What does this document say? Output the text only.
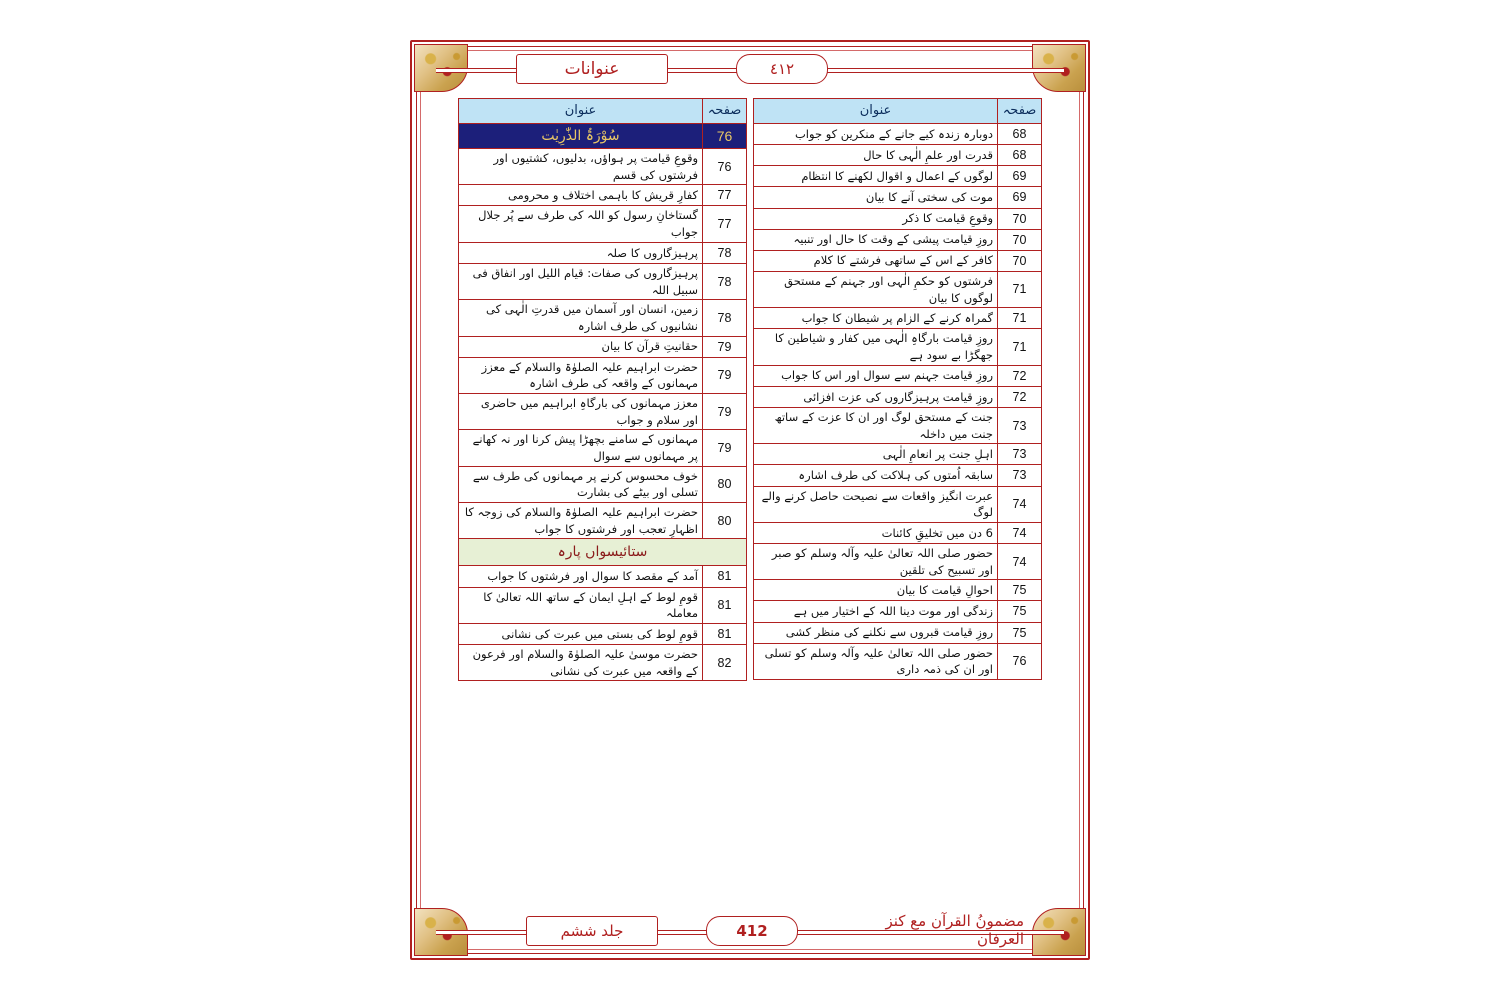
عنوانات	٤١٢
صفحہ	عنوان
76	سُوْرَۃُ الذّٰرِیٰت
76	وقوعِ قیامت پر ہواؤں، بدلیوں، کشتیوں اور فرشتوں کی قسم
77	کفارِ قریش کا باہمی اختلاف و محرومی
77	گستاخانِ رسول کو اللہ کی طرف سے پُر جلال جواب
78	پرہیزگاروں کا صلہ
78	پرہیزگاروں کی صفات: قیام اللیل اور انفاق فی سبیل اللہ
78	زمین، انسان اور آسمان میں قدرتِ الٰہی کی نشانیوں کی طرف اشارہ
79	حقانیتِ قرآن کا بیان
79	حضرت ابراہیم علیہ الصلوٰۃ والسلام کے معزز مہمانوں کے واقعہ کی طرف اشارہ
79	معزز مہمانوں کی بارگاہِ ابراہیم میں حاضری اور سلام و جواب
79	مہمانوں کے سامنے بچھڑا پیش کرنا اور نہ کھانے پر مہمانوں سے سوال
80	خوف محسوس کرنے پر مہمانوں کی طرف سے تسلی اور بیٹے کی بشارت
80	حضرت ابراہیم علیہ الصلوٰۃ والسلام کی زوجہ کا اظہارِ تعجب اور فرشتوں کا جواب
ستائیسواں پارہ	
81	آمد کے مقصد کا سوال اور فرشتوں کا جواب
81	قومِ لوط کے اہلِ ایمان کے ساتھ اللہ تعالیٰ کا معاملہ
81	قومِ لوط کی بستی میں عبرت کی نشانی
82	حضرت موسیٰ علیہ الصلوٰۃ والسلام اور فرعون کے واقعہ میں عبرت کی نشانی
صفحہ	عنوان
68	دوبارہ زندہ کیے جانے کے منکرین کو جواب
68	قدرت اور علمِ الٰہی کا حال
69	لوگوں کے اعمال و اقوال لکھنے کا انتظام
69	موت کی سختی آنے کا بیان
70	وقوعِ قیامت کا ذکر
70	روزِ قیامت پیشی کے وقت کا حال اور تنبیہ
70	کافر کے اس کے ساتھی فرشتے کا کلام
71	فرشتوں کو حکمِ الٰہی اور جہنم کے مستحق لوگوں کا بیان
71	گمراہ کرنے کے الزام پر شیطان کا جواب
71	روزِ قیامت بارگاہِ الٰہی میں کفار و شیاطین کا جھگڑا بے سود ہے
72	روزِ قیامت جہنم سے سوال اور اس کا جواب
72	روزِ قیامت پرہیزگاروں کی عزت افزائی
73	جنت کے مستحق لوگ اور ان کا عزت کے ساتھ جنت میں داخلہ
73	اہلِ جنت پر انعامِ الٰہی
73	سابقہ اُمتوں کی ہلاکت کی طرف اشارہ
74	عبرت انگیز واقعات سے نصیحت حاصل کرنے والے لوگ
74	6 دن میں تخلیقِ کائنات
74	حضور صلی اللہ تعالیٰ علیہ وآلہ وسلم کو صبر اور تسبیح کی تلقین
75	احوالِ قیامت کا بیان
75	زندگی اور موت دینا اللہ کے اختیار میں ہے
75	روزِ قیامت قبروں سے نکلنے کی منظر کشی
76	حضور صلی اللہ تعالیٰ علیہ وآلہ وسلم کو تسلی اور ان کی ذمہ داری
جلد ششم	412
مضمونُ القرآن مع کنز العرفان
